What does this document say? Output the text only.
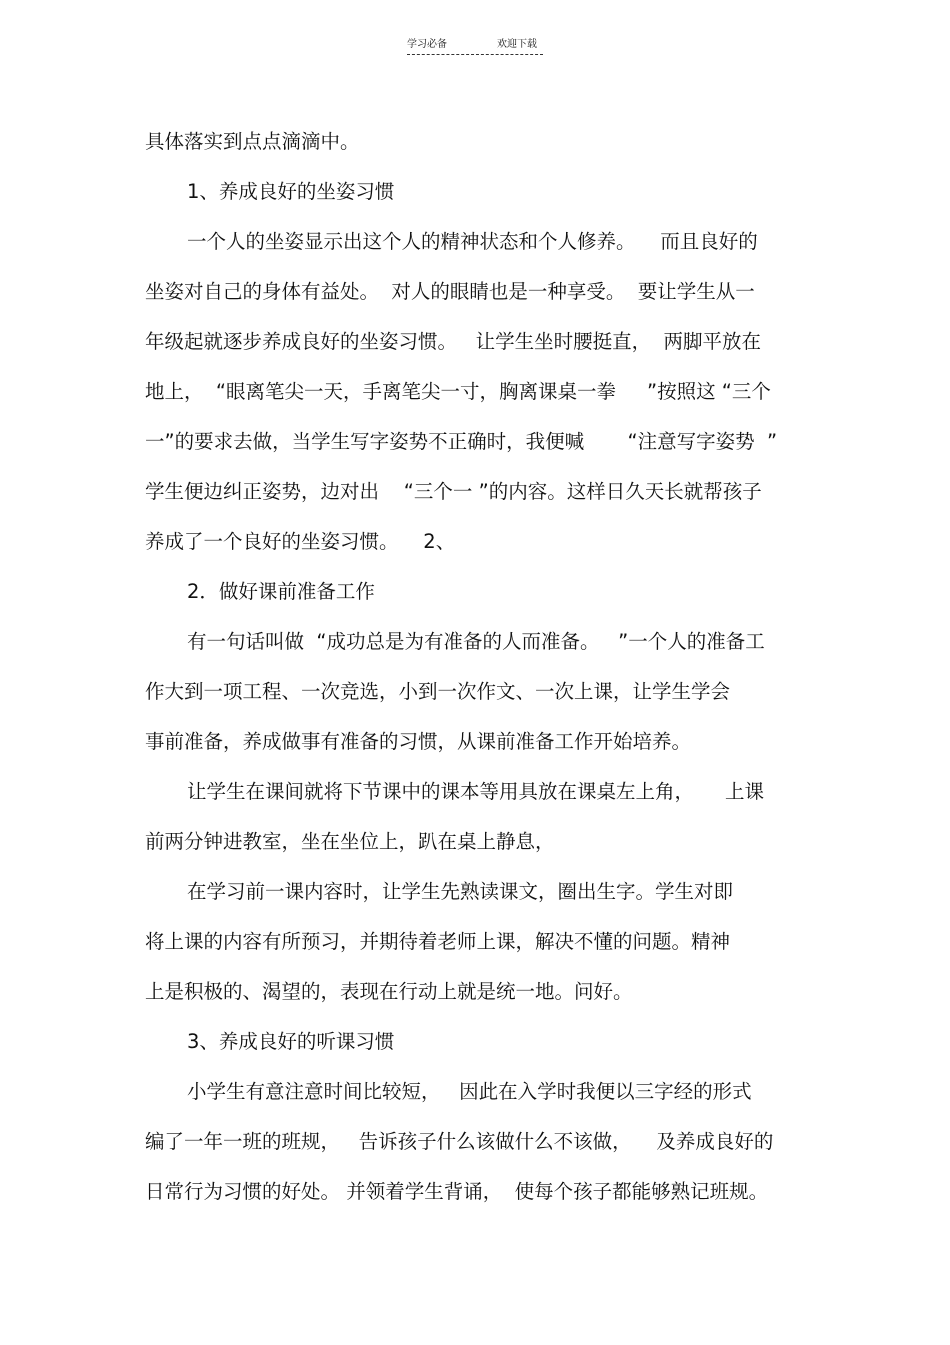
学习必备	欢迎下载
具体落实到点点滴滴中。
1、养成良好的坐姿习惯
一个人的坐姿显示出这个人的精神状态和个人修养。    而且良好的
坐姿对自己的身体有益处。  对人的眼睛也是一种享受。  要让学生从一
年级起就逐步养成良好的坐姿习惯。   让学生坐时腰挺直，  两脚平放在
地上，  “眼离笔尖一天，手离笔尖一寸，胸离课桌一拳     ”按照这 “三个
一”的要求去做，当学生写字姿势不正确时，我便喊       “注意写字姿势  ”
学生便边纠正姿势，边对出    “三个一 ”的内容。这样日久天长就帮孩子
养成了一个良好的坐姿习惯。    2、
2．做好课前准备工作
有一句话叫做  “成功总是为有准备的人而准备。   ”一个人的准备工
作大到一项工程、一次竞选，小到一次作文、一次上课，让学生学会
事前准备，养成做事有准备的习惯，从课前准备工作开始培养。
让学生在课间就将下节课中的课本等用具放在课桌左上角，     上课
前两分钟进教室，坐在坐位上，趴在桌上静息，
在学习前一课内容时，让学生先熟读课文，圈出生字。学生对即
将上课的内容有所预习，并期待着老师上课，解决不懂的问题。精神
上是积极的、渴望的，表现在行动上就是统一地。问好。
3、养成良好的听课习惯
小学生有意注意时间比较短，   因此在入学时我便以三字经的形式
编了一年一班的班规，   告诉孩子什么该做什么不该做，    及养成良好的
日常行为习惯的好处。 并领着学生背诵，  使每个孩子都能够熟记班规。
